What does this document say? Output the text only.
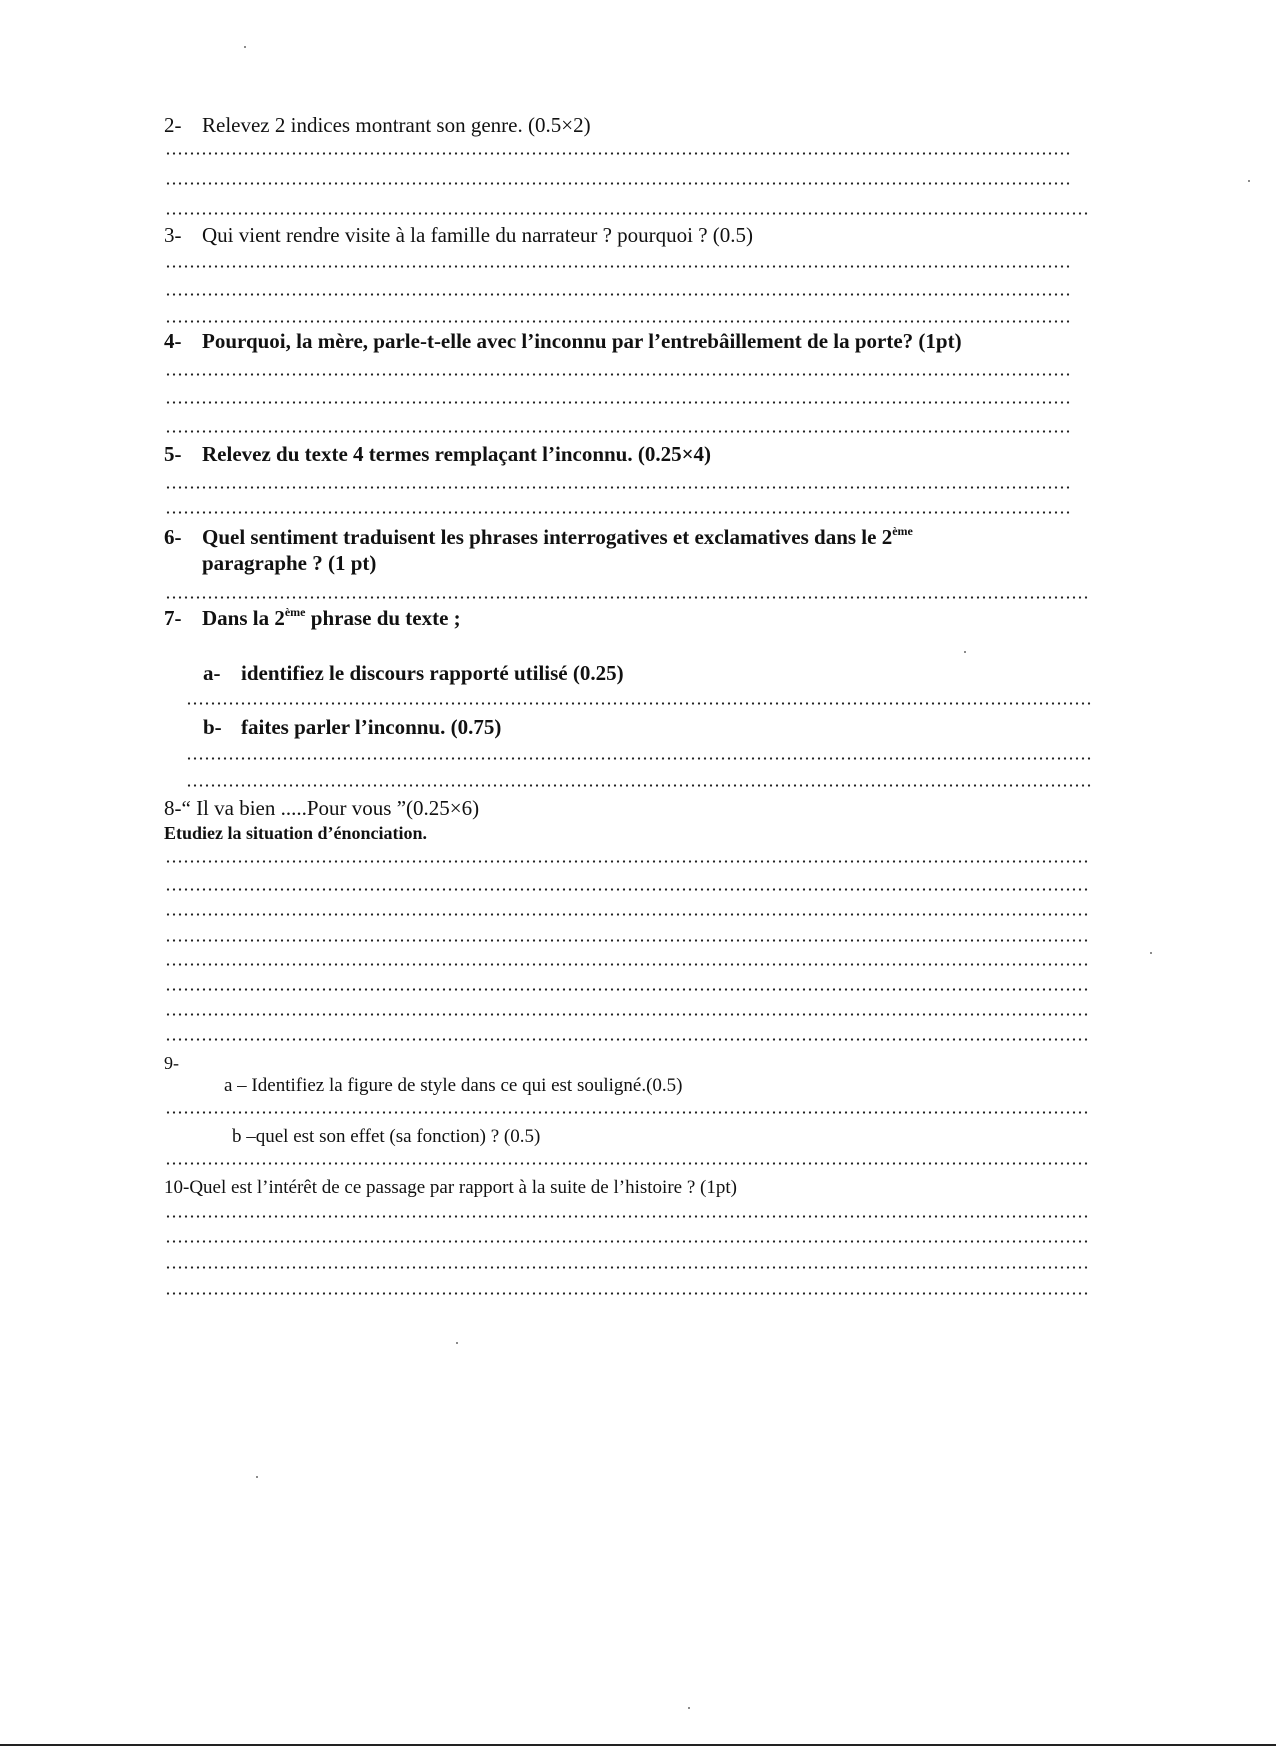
2- Relevez 2 indices montrant son genre. (0.5×2)
3- Qui vient rendre visite à la famille du narrateur ? pourquoi ? (0.5)
4- Pourquoi, la mère, parle-t-elle avec l’inconnu par l’entrebâillement de la porte? (1pt)
5- Relevez du texte 4 termes remplaçant l’inconnu. (0.25×4)
6- Quel sentiment traduisent les phrases interrogatives et exclamatives dans le 2ème
paragraphe ? (1 pt)
7- Dans la 2ème phrase du texte ;
a- identifiez le discours rapporté utilisé (0.25)
b- faites parler l’inconnu. (0.75)
8-“ Il va bien .....Pour vous ”(0.25×6)
Etudiez la situation d’énonciation.
9-
a – Identifiez la figure de style dans ce qui est souligné.(0.5)
b –quel est son effet (sa fonction) ? (0.5)
10-Quel est l’intérêt de ce passage par rapport à la suite de l’histoire ? (1pt)
